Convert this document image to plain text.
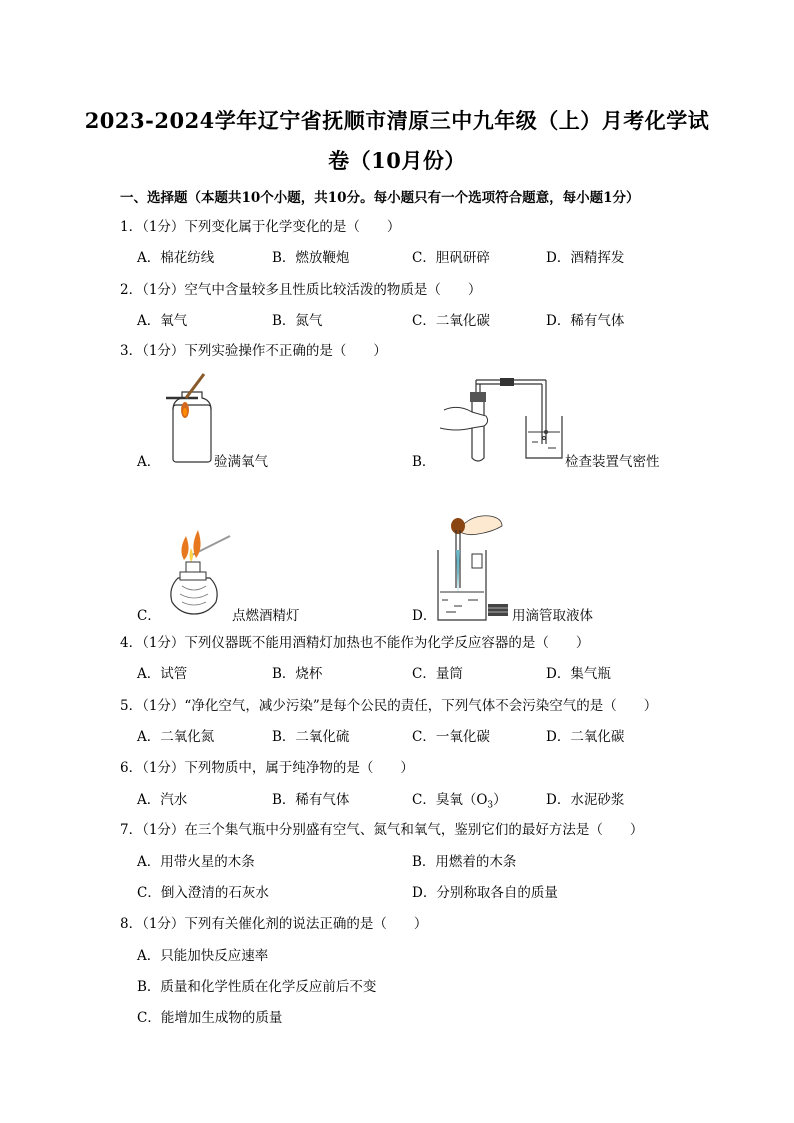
2023-2024学年辽宁省抚顺市清原三中九年级（上）月考化学试
卷（10月份）
一、选择题（本题共10个小题，共10分。每小题只有一个选项符合题意，每小题1分）
1．（1分）下列变化属于化学变化的是（　　）
A．棉花纺线	B．燃放鞭炮	C．胆矾研碎	D．酒精挥发
2．（1分）空气中含量较多且性质比较活泼的物质是（　　）
A．氧气	B．氮气	C．二氧化碳	D．稀有气体
3．（1分）下列实验操作不正确的是（　　）
A．	验满氧气	B．	检查装置气密性
C．	点燃酒精灯	D．	用滴管取液体
4．（1分）下列仪器既不能用酒精灯加热也不能作为化学反应容器的是（　　）
A．试管	B．烧杯	C．量筒	D．集气瓶
5．（1分）“净化空气，减少污染”是每个公民的责任，下列气体不会污染空气的是（　　）
A．二氧化氮	B．二氧化硫	C．一氧化碳	D．二氧化碳
6．（1分）下列物质中，属于纯净物的是（　　）
A．汽水	B．稀有气体	C．臭氧$(O_3)$	D．水泥砂浆
7．（1分）在三个集气瓶中分别盛有空气、氮气和氧气，鉴别它们的最好方法是（　　）
A．用带火星的木条	B．用燃着的木条
C．倒入澄清的石灰水	D．分别称取各自的质量
8．（1分）下列有关催化剂的说法正确的是（　　）
A．只能加快反应速率
B．质量和化学性质在化学反应前后不变
C．能增加生成物的质量
